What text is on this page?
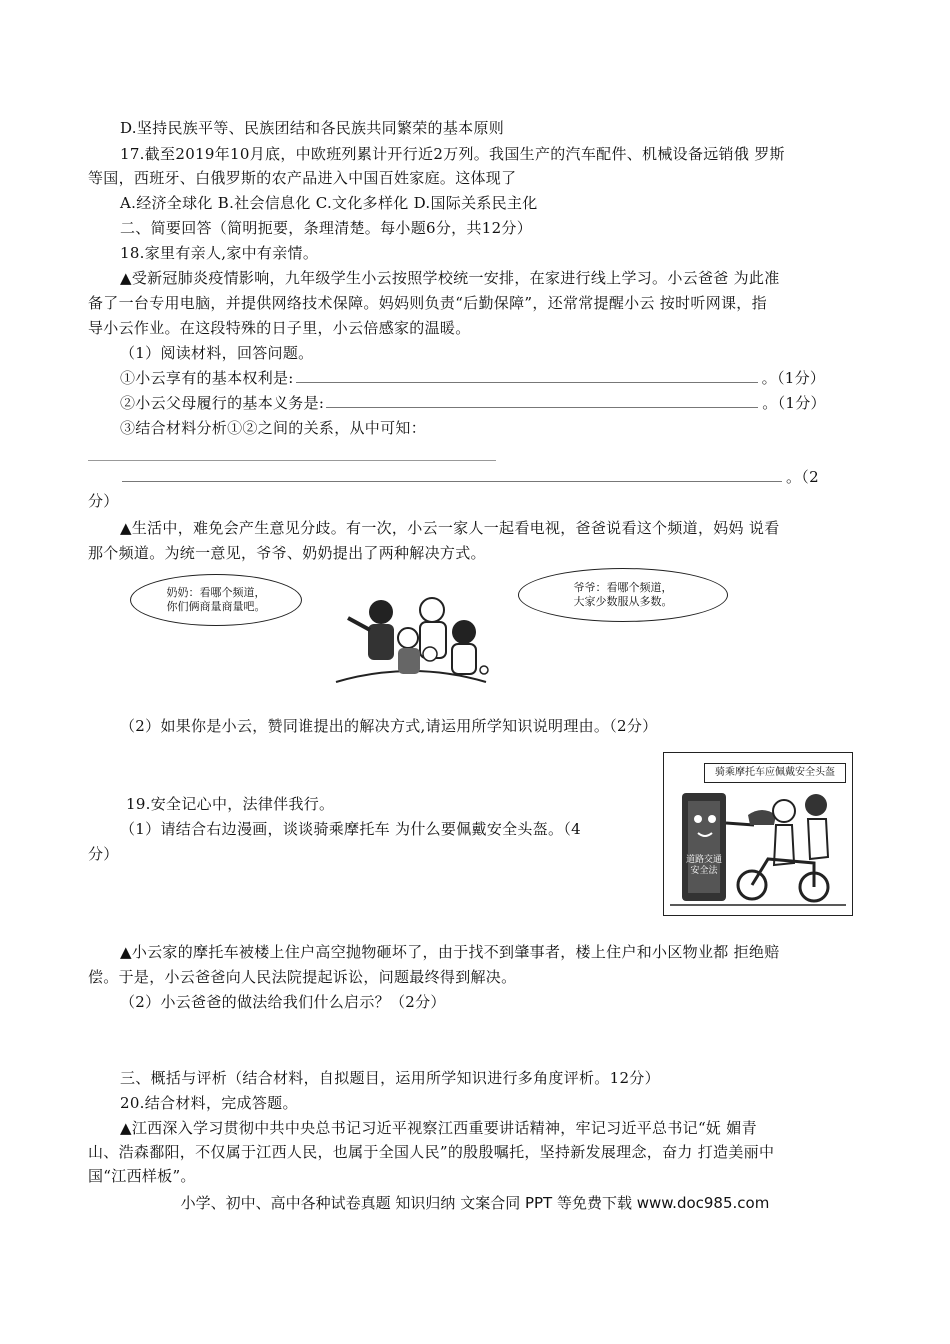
D.坚持民族平等、民族团结和各民族共同繁荣的基本原则
17.截至2019年10月底，中欧班列累计开行近2万列。我国生产的汽车配件、机械设备远销俄 罗斯
等国，西班牙、白俄罗斯的农产品进入中国百姓家庭。这体现了
A.经济全球化 B.社会信息化 C.文化多样化 D.国际关系民主化
二、简要回答（简明扼要，条理清楚。每小题6分，共12分）
18.家里有亲人,家中有亲情。
▲受新冠肺炎疫情影响，九年级学生小云按照学校统一安排，在家进行线上学习。小云爸爸 为此准
备了一台专用电脑，并提供网络技术保障。妈妈则负责“后勤保障”，还常常提醒小云 按时听网课，指
导小云作业。在这段特殊的日子里，小云倍感家的温暖。
（1）阅读材料，回答问题。
①小云享有的基本权利是:	。（1分）
②小云父母履行的基本义务是:	。（1分）
③结合材料分析①②之间的关系，从中可知：
。（2
分）
▲生活中，难免会产生意见分歧。有一次，小云一家人一起看电视，爸爸说看这个频道，妈妈 说看
那个频道。为统一意见，爷爷、奶奶提出了两种解决方式。
奶奶：看哪个频道，
你们俩商量商量吧。
爷爷：看哪个频道，
大家少数服从多数。
（2）如果你是小云，赞同谁提出的解决方式,请运用所学知识说明理由。（2分）
19.安全记心中，法律伴我行。
（1）请结合右边漫画，谈谈骑乘摩托车 为什么要佩戴安全头盔。（4
分）
骑乘摩托车应佩戴安全头盔
道路交通
安全法
▲小云家的摩托车被楼上住户高空抛物砸坏了，由于找不到肇事者，楼上住户和小区物业都 拒绝赔
偿。于是，小云爸爸向人民法院提起诉讼，问题最终得到解决。
（2）小云爸爸的做法给我们什么启示？（2分）
三、概括与评析（结合材料，自拟题目，运用所学知识进行多角度评析。12分）
20.结合材料，完成答题。
▲江西深入学习贯彻中共中央总书记习近平视察江西重要讲话精神，牢记习近平总书记“妩 媚青
山、浩森鄱阳，不仅属于江西人民，也属于全国人民”的殷殷嘱托，坚持新发展理念，奋力 打造美丽中
国“江西样板”。
小学、初中、高中各种试卷真题 知识归纳 文案合同 PPT 等免费下载 www.doc985.com
